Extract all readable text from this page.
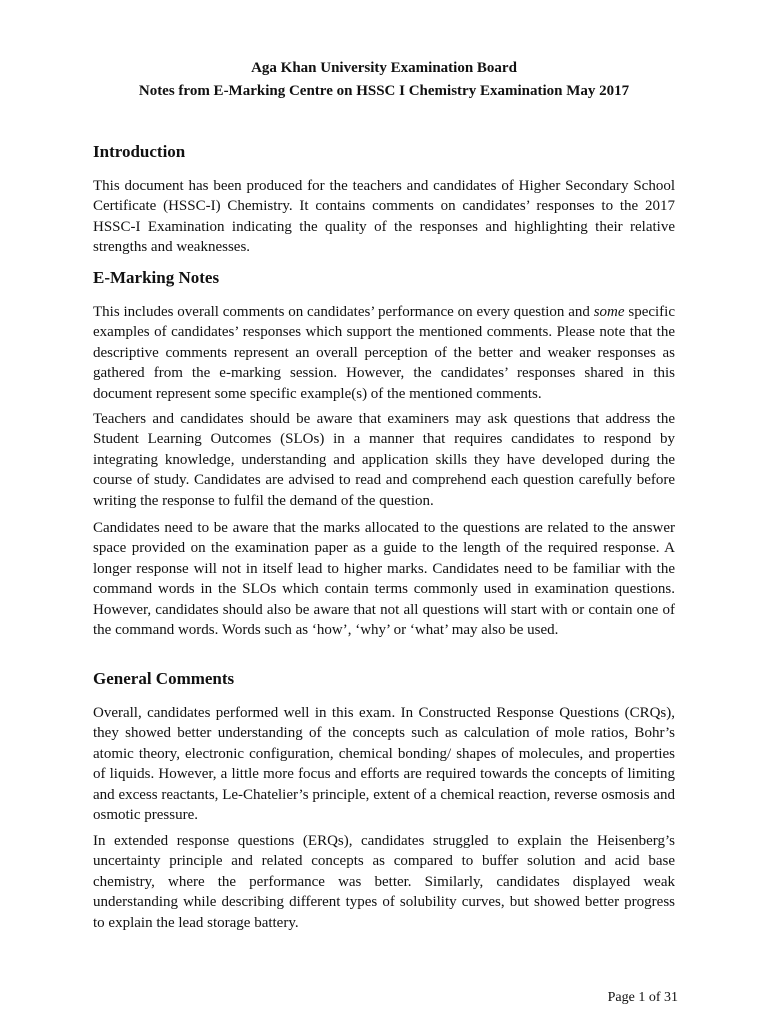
Aga Khan University Examination Board
Notes from E-Marking Centre on HSSC I Chemistry Examination May 2017
Introduction

This document has been produced for the teachers and candidates of Higher Secondary School Certificate (HSSC-I) Chemistry. It contains comments on candidates’ responses to the 2017 HSSC-I Examination indicating the quality of the responses and highlighting their relative strengths and weaknesses.

E-Marking Notes

This includes overall comments on candidates’ performance on every question and some specific examples of candidates’ responses which support the mentioned comments. Please note that the descriptive comments represent an overall perception of the better and weaker responses as gathered from the e-marking session. However, the candidates’ responses shared in this document represent some specific example(s) of the mentioned comments.

Teachers and candidates should be aware that examiners may ask questions that address the Student Learning Outcomes (SLOs) in a manner that requires candidates to respond by integrating knowledge, understanding and application skills they have developed during the course of study. Candidates are advised to read and comprehend each question carefully before writing the response to fulfil the demand of the question.

Candidates need to be aware that the marks allocated to the questions are related to the answer space provided on the examination paper as a guide to the length of the required response. A longer response will not in itself lead to higher marks. Candidates need to be familiar with the command words in the SLOs which contain terms commonly used in examination questions. However, candidates should also be aware that not all questions will start with or contain one of the command words. Words such as ‘how’, ‘why’ or ‘what’ may also be used.

General Comments

Overall, candidates performed well in this exam. In Constructed Response Questions (CRQs), they showed better understanding of the concepts such as calculation of mole ratios, Bohr’s atomic theory, electronic configuration, chemical bonding/ shapes of molecules, and properties of liquids. However, a little more focus and efforts are required towards the concepts of limiting and excess reactants, Le-Chatelier’s principle, extent of a chemical reaction, reverse osmosis and osmotic pressure.

In extended response questions (ERQs), candidates struggled to explain the Heisenberg’s uncertainty principle and related concepts as compared to buffer solution and acid base chemistry, where the performance was better. Similarly, candidates displayed weak understanding while describing different types of solubility curves, but showed better progress to explain the lead storage battery.

Page 1 of 31
